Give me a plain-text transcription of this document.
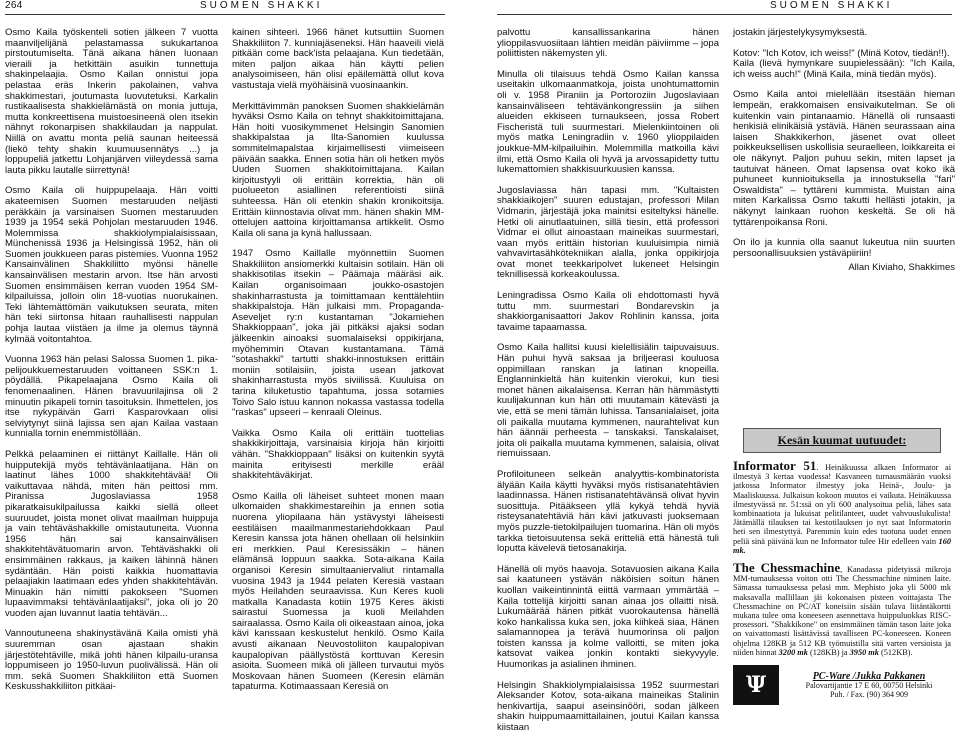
264	SUOMEN SHAKKI	SUOMEN SHAKKI

Osmo Kaila työskenteli sotien jälkeen 7 vuotta maanviljelijänä pelastamassa sukukartanoa pirstoutumiselta. Tänä aikana hänen luonaan vieraili ja hetkittäin asuikin tunnettuja shakinpelaajia. Osmo Kailan onnistui jopa pelastaa eräs Inkerin pakolainen, vahva shakkimestari, joutumasta luovutetuksi. Karkalin rustikaalisesta shakkielämästä on monia juttuja, mutta konkreettisena muistoesineenä olen itsekin nähnyt rokonarpisen shakkilaudan ja nappulat. Niillä on avattu monta peliä saunan heiteessä (liekö tehty shakin kuumuusennätys ...) ja loppupeliä jatkettu Lohjanjärven viileydessä sama lauta pikku lautalle siirrettynä!

Osmo Kaila oli huippupelaaja. Hän voitti akateemisen Suomen mestaruuden neljästi peräkkäin ja varsinaisen Suomen mestaruuden 1939 ja 1954 sekä Pohjolan mestaruuden 1946. Molemmissa shakkiolympialaisissaan, Münchenissä 1936 ja Helsingissä 1952, hän oli Suomen joukkueen paras pistemies. Vuonna 1952 Kansainvälinen Shakkiliitto myönsi hänelle kansainvälisen mestarin arvon. Itse hän arvosti Suomen ensimmäisen kerran vuoden 1954 SM-kilpailuissa, jolloin olin 18-vuotias nuorukainen. Teki lähtemättömän vaikutuksen seurata, miten hän teki siirtonsa hitaan rauhallisesti nappulan pohja lautaa viistäen ja ilme ja olemus täynnä kylmää voitontahtoa.

Vuonna 1963 hän pelasi Salossa Suomen 1. pika-pelijoukkuemestaruuden voittaneen SSK:n 1. pöydällä. Pikapelaajana Osmo Kaila oli fenomenaalinen. Hänen bravuurilajinsa oli 2 minuutin pikapeli tornin tasoituksin. Ihmettelen, jos itse nykypäivän Garri Kasparovkaan olisi selviytynyt siinä lajissa sen ajan Kailaa vastaan kunnialla tornin enemmistöllään.

Pelkkä pelaaminen ei riittänyt Kaillalle. Hän oli huipputekijä myös tehtävänlaatijana. Hän on laatinut lähes 1000 shakkitehtävää! Oli vaikuttavaa nähdä, miten hän peittosi mm. Piranissa Jugoslaviassa 1958 pikaratkaisukilpailussa kaikki siellä olleet suuruudet, joista monet olivat maailman huippuja ja vain tehtäväshakkille omistautuneita. Vuonna 1956 hän sai kansainvälisen shakkitehtävätuomarin arvon. Tehtäväshakki oli ensimmäinen rakkaus, ja kaiken lähinnä hänen sydäntään. Hän poisti kaikkia huomattavia pelaajiakin laatimaan edes yhden shakkitehtävän. Minuakin hän nimitti pakokseen "Suomen lupaavimmaksi tehtävänlaatijaksi", joka oli jo 20 vuoden ajan luvannut laatia tehtävän...

Vannoutuneena shakinystävänä Kaila omisti yhä suuremman osan ajastaan shakin järjestötehtäville, mikä johti hänen kilpailu-uransa loppumiseen jo 1950-luvun puolivälissä. Hän oli mm. sekä Suomen Shakkiliiton että Suomen Keskusshakkiliiton pitkäai-

kainen sihteeri. 1966 hänet kutsuttiin Suomen Shakkiliiton 7. kunniajäseneksi. Hän haaveili vielä pitkään come back'ista pelaajana. Kun tiedetään, miten paljon aikaa hän käytti pelien analysoimiseen, hän olisi epäilemättä ollut kova vastustaja vielä myöhäisinä vuosinaankin.

Merkittävimmän panoksen Suomen shakkielämän hyväksi Osmo Kaila on tehnyt shakkitoimittajana. Hän hoiti vuosikymmenet Helsingin Sanomien shakkipalstaa ja Ilta-Sanomien kuulussa sommitelmapalstaa kirjaimellisesti viimeiseen päivään saakka. Ennen sotia hän oli hetken myös Uuden Suomen shakkitoimittajana. Kailan kirjoitustyyli oli erittäin korrektia, hän oli puolueeton asiallinen referentioisti siinä suhteessa. Hän oli etenkin shakin kronikoitsija. Erittäin kiinnostavia olivat mm. hänen shakin MM-ottelujen aattoina kirjoittamansa artikkelit. Osmo Kaila oli sana ja kynä hallussaan.

1947 Osmo Kaillalle myönnettiin Suomen Shakkiliiton ansiomerkki kultaisin sotilain. Hän oli shakkisotilas itsekin – Päämaja määräsi aik. Kailan organisoimaan joukko-osastojen shakinharrastusta ja toimittamaan kenttälehtiin shakkipalstoja. Hän julkaisi mm. Propaganda-Aseveljet ry:n kustantaman "Jokamiehen Shakkioppaan", joka jäi pitkäksi ajaksi sodan jälkeenkin ainoaksi suomalaiseksi oppikirjana, myöhemmin Otavan kustantamana. Tämä "sotashakki" tartutti shakki-innostuksen erittäin moniin sotilaisiin, joista usean jatkovat shakinharrastusta myös siviilissä. Kuuluisa on tarina kiluketustio tapahtuma, jossa sotamies Toivo Salo istuu kannon nokassa vastassa todella "raskas" upseeri – kenraali Oleinus.

Vaikka Osmo Kaila oli erittäin tuottelias shakkikirjoittaja, varsinaisia kirjoja hän kirjoitti vähän. "Shakkioppaan" lisäksi on kuitenkin syytä mainita erityisesti merkille erääl shakkitehtäväkirjat.

Osmo Kailla oli läheiset suhteet monen maan ulkomaiden shakkimestareihin ja ennen sotia nuorena yliopilaana hän ystävystyi läheisesti eestiläisen maailmanmestariehdokkaan Paul Keresin kanssa jota hänen ohellaan oli helsinkiin eri merkkien. Paul Keresissäkin – hänen elämänsä loppuun saakka. Sota-aikana Kaila organisoi Keresin simultaaniervaliut rintamalla vuosina 1943 ja 1944 pelaten Keresiä vastaan myös Heilahden seuraavissa. Kun Keres kuoli matkalla Kanadasta kotiin 1975 Keres äkisti sairastui Suomessa ja kuoli Meilahden sairaalassa. Osmo Kaila oli oikeastaan ainoa, joka kävi kanssaan keskustelut henkilö. Osmo Kaila avusti aikanaan Neuvostoliiton kaupalopivan kaupalopivan päällystöstä korttuvan Keresin asioita. Suomeen mikä oli jälleen turvautui myös Moskovaan hänen Suomeen (Keresin elämän tapaturma. Kotimaassaan Keresiä on

palvottu kansallissankarina hänen ylioppilasvuosiitaan lähtien meidän päiviimme – jopa poliittisten näkemysten yli.

Minulla oli tilaisuus tehdä Osmo Kailan kanssa useitakin ulkomaanmatkoja, joista unohtumattomin oli v. 1958 Piraniin ja Portoroziin Jugoslaviaan kansainväliseen tehtävänkongressiin ja siihen alueiden ekkiseen turnaukseen, jossa Robert Fischeristä tuli suurmestari. Mielenkiintoinen oli myös matka Leningradiin v. 1960 ylioppilaiden joukkue-MM-kilpailuihin. Molemmilla matkoilla kävi ilmi, että Osmo Kaila oli hyvä ja arvossapidetty tuttu lukemattomien shakkisuurkuusien kanssa.

Jugoslaviassa hän tapasi mm. "Kultaisten shakkiaikojen" suuren edustajan, professori Milan Vidmarin, järjestäjä joka mainitsi esiteltyksi hänelle. Hetki oli ainutlaatuinen, sillä tiesin, että professori Vidmar ei ollut ainoastaan maineikas suurmestari, vaan myös erittäin historian kuuluisimpia nimiä vahvavirtasähkötekniikan alalla, jonka oppikirjoja ovat monet teekkaripolvet lukeneet Helsingin teknillisessä korkeakoulussa.

Leningradissa Osmo Kaila oli ehdottomasti hyvä tuttu mm. suurmestari Bondarevskin ja shakkiorganisaattori Jakov Rohlinin kanssa, joita tavaime tapaamassa.

Osmo Kaila hallitsi kuusi kielellisiälin taipuvaisuus. Hän puhui hyvä saksaa ja briljeerasi kouluosa oppimillaan ranskan ja latinan knopeilla. Englanninkieltä hän kuitenkin vierokui, kun tiesi monet hänen aikalaisensa. Kerran hän hämmästytti kuulijakunnan kun hän otti muutamain kätevästi ja vie, että se meni tämän luhissa. Tansanialaiset, joita oli paikalla muutama kymmenen, naurahtelivat kun hän äännäi perheesta – tanskaksi. Tanskalaiset, joita oli paikalla muutama kymmenen, salaisia, olivat riemuissaan.

Profiloituneen selkeän analyyttis-kombinatorista älyään Kaila käytti hyväksi myös ristisanatehtävien laadinnassa. Hänen ristisanatehtävänsä olivat hyvin suosittuja. Pitääkseen yllä kykyä tehdä hyviä risteysanatehtäviä hän kävi jatkuvasti juoksemaan myös puzzle-tietokilpailujen tuomarina. Hän oli myös tarkka tietoisuutensa sekä eritteliä että hänestä tuli loputta kävelevä tietosanakirja.

Hänellä oli myös haavoja. Sotavuosien aikana Kaila sai kaatuneen ystävän näköisien soitun hänen kuollan vaikeintinnintä eiittä varmaan ymmärtää – Kaila tottelijä kirjoitti sanan ainaa jos ollaitti nisä. Lukumäärää hänen pitkät vuorokautensa hänellä koko hankalissa kuka sen, joka kiihkeä siaa, Hänen salamannopea ja terävä huumorinsa oli paljon toisten kanssa ja kolme valloitti, se miten joka katsovat vaikea jonkin kontakti siekyvyyle. Huumorikas ja asialinen ihminen.

Helsingin Shakkiolympialaisissa 1952 suurmestari Aleksander Kotov, sota-aikana maineikas Stalinin henkivartija, saapui aseinsinööri, sodan jälkeen shakin huippumaamittailainen, joutui Kailan kanssa kiistaan

jostakin järjestelykysymyksestä.

Kotov: "Ich Kotov, ich weiss!" (Minä Kotov, tiedän!!).
Kaila (lievä hymynkare suupielessään): "Ich Kaila, ich weiss auch!" (Minä Kaila, minä tiedän myös).

Osmo Kaila antoi mielellään itsestään hieman lempeän, erakkomaisen ensivaikutelman. Se oli kuitenkin vain pintanaamio. Hänellä oli runsaasti henkisiä elinikäisiä ystäviä. Hänen seurassaan aina laisen Shakkikerhon, jäsenet ovat olleet poikkeuksellisen uskollisia seuraelleen, loikkareita ei ole näkynyt. Paljon puhuu sekin, miten lapset ja tautuivat häneen. Omat lapsensa ovat koko ikä puhuneet kunnioituksella ja innostuksella "fari" Oswaldista" – tyttäreni kummista. Muistan aina miten Karkalissa Osmo takutti hellästi jotakin, ja näkynyt lainkaan ruohon keskeltä. Se oli hä tyttärenpoikansa Roni.

On ilo ja kunnia olla saanut lukeutua niin suurten persoonallisuuksien ystäväpiiriin!

Allan Kiviaho, Shakkimes
Kesän kuumat uutuudet:
Informator 51. Heinäkuussa alkaen Informator ai ilmestyä 3 kertaa vuodessa! Kasvaneen turnausmäärän vuoksi jatkossa Informator ilmestyy joka Heinä-, Joulu- ja Maaliskuussa. Julkaisun kokoon muutos ei vaikuta. Heinäkuussa ilmestyvässä nr. 51:ssä on yli 600 analysoitua peliä, lähes sata kombinaatiota ja lukuisat pelitilanteet, uudet vahvuuslukulista! Jätämällä tilauksen tai kestotilauksen jo nyt saat Informatorin heti sen ilmestyttyä. Paremmin kuin edes tuotuna uudet ennen peliä sinä päivänä kun ne Informator tulee Hir edelleen vain 160 mk.
The Chessmachine, Kanadassa pidetyissä mikroja MM-turnauksessa voiton otti The Chessmachine niminen laite. Sämassa turnauksessa pelasi mm. Mephisto joka yli 5000 mk maksavalla mallillaan jäi kokonaisen pisteen voittajasta The Chessmachine on PC/AT koneisiin sisään tulava liitäntäkortti mukana tulee oma koneeseen asennettava huippuluokkas RISC-prosessori. "Shakkikone" on ensimmäinen tämän tason laite joka on vaivattomasti lisättävissä tavalliseen PC-koneeseen. Koneen ohjelma 128KB ja 512 KB työmuistilla sitä varten versioista ja niiden hinnat 3200 mk (128KB) ja 3950 mk (512KB).
Ψ	PC-Ware /Jukka Pakkanen
Palovartijantie 17 E 60, 00750 Helsinki
Puh. / Fax. (90) 364 909
